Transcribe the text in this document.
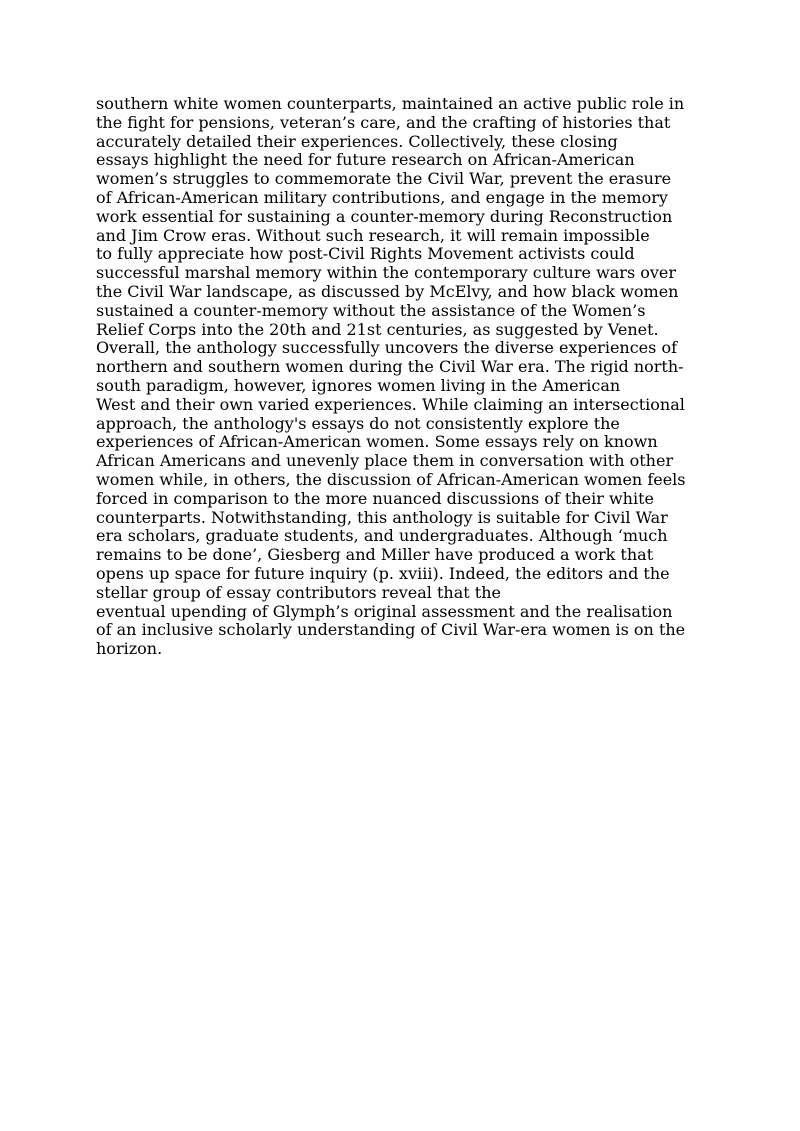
southern white women counterparts, maintained an active public role in
the fight for pensions, veteran’s care, and the crafting of histories that
accurately detailed their experiences. Collectively, these closing
essays highlight the need for future research on African-American
women’s struggles to commemorate the Civil War, prevent the erasure
of African-American military contributions, and engage in the memory
work essential for sustaining a counter-memory during Reconstruction
and Jim Crow eras. Without such research, it will remain impossible
to fully appreciate how post-Civil Rights Movement activists could
successful marshal memory within the contemporary culture wars over
the Civil War landscape, as discussed by McElvy, and how black women
sustained a counter-memory without the assistance of the Women’s
Relief Corps into the 20th and 21st centuries, as suggested by Venet.
Overall, the anthology successfully uncovers the diverse experiences of
northern and southern women during the Civil War era. The rigid north-
south paradigm, however, ignores women living in the American
West and their own varied experiences. While claiming an intersectional
approach, the anthology's essays do not consistently explore the
experiences of African-American women. Some essays rely on known
African Americans and unevenly place them in conversation with other
women while, in others, the discussion of African-American women feels
forced in comparison to the more nuanced discussions of their white
counterparts. Notwithstanding, this anthology is suitable for Civil War
era scholars, graduate students, and undergraduates. Although ‘much
remains to be done’, Giesberg and Miller have produced a work that
opens up space for future inquiry (p. xviii). Indeed, the editors and the
stellar group of essay contributors reveal that the
eventual upending of Glymph’s original assessment and the realisation
of an inclusive scholarly understanding of Civil War-era women is on the
horizon.
